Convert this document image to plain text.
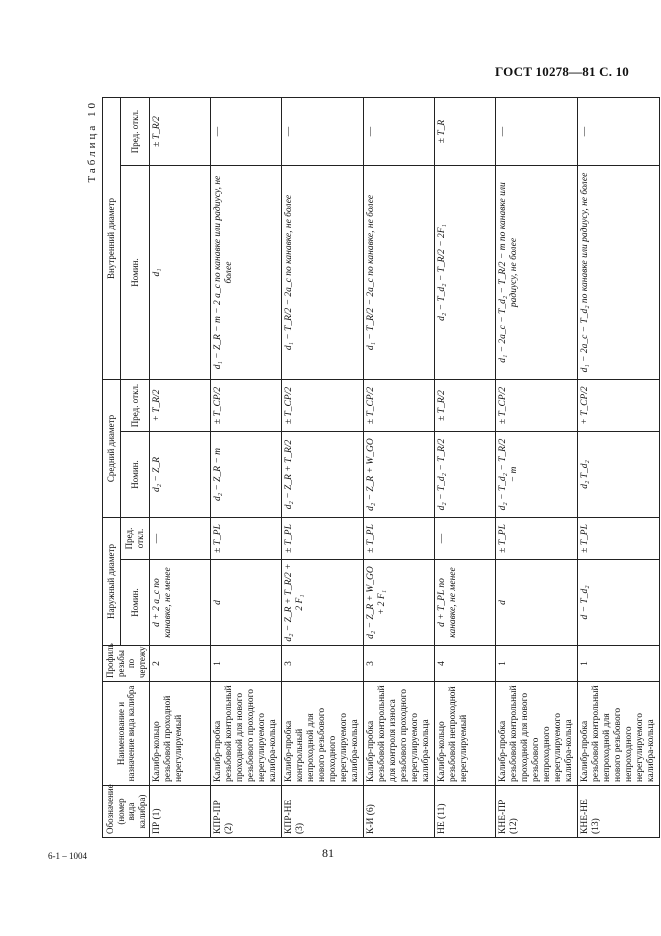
ГОСТ 10278—81 С. 10
Таблица 10
Обозначение (номер вида калибра)	Наименование и назначение вида калибра	Профиль резьбы по чертежу	Наружный диаметр		Средний диаметр		Внутренний диаметр	
			Номин.	Пред. откл.	Номин.	Пред. откл.	Номин.	Пред. откл.
ПР (1)	Калибр-кольцо резьбовой проходной нерегулируемый	2	d + 2 a_c по канавке, не менее	—	d₂ − Z_R	+ T_R/2	d₁	± T_R/2
КПР-ПР (2)	Калибр-пробка резьбовой контрольный проходной для нового резьбового проходного нерегулируемого калибра-кольца	1	d	± T_PL	d₂ − Z_R − m	± T_CP/2	d₁ − Z_R − m − 2 a_c по канавке или радиусу, не более	—
КПР-НЕ (3)	Калибр-пробка контрольный непроходной для нового резьбового проходного нерегулируемого калибра-кольца	3	d₂ − Z_R + T_R/2 + 2 F₁	± T_PL	d₂ − Z_R + T_R/2	± T_CP/2	d₁ − T_R/2 − 2a_c по канавке, не более	—
К-И (6)	Калибр-пробка резьбовой контрольный для контроля износа резьбового проходного нерегулируемого калибра-кольца	3	d₂ − Z_R + W_GO + 2 F₁	± T_PL	d₂ − Z_R + W_GO	± T_CP/2	d₁ − T_R/2 − 2a_c по канавке, не более	—
НЕ (11)	Калибр-кольцо резьбовой непроходной нерегулируемый	4	d + T_PL по канавке, не менее	—	d₂ − T_d₂ − T_R/2	± T_R/2	d₂ − T_d₂ − T_R/2 − 2F₁	± T_R
КНЕ-ПР (12)	Калибр-пробка резьбовой контрольный проходной для нового резьбового непроходного нерегулируемого калибра-кольца	1	d	± T_PL	d₂ − T_d₂ − T_R/2 − m	± T_CP/2	d₁ − 2a_c − T_d₂ − T_R/2 − m по канавке или радиусу, не более	—
КНЕ-НЕ (13)	Калибр-пробка резьбовой контрольный непроходной для нового резьбового непроходного нерегулируемого калибра-кольца	1	d − T_d₂	± T_PL	d₂ T_d₂	+ T_CP/2	d₁ − 2a_c − T_d₂ по канавке или радиусу, не более	—
6-1 – 1004	81
